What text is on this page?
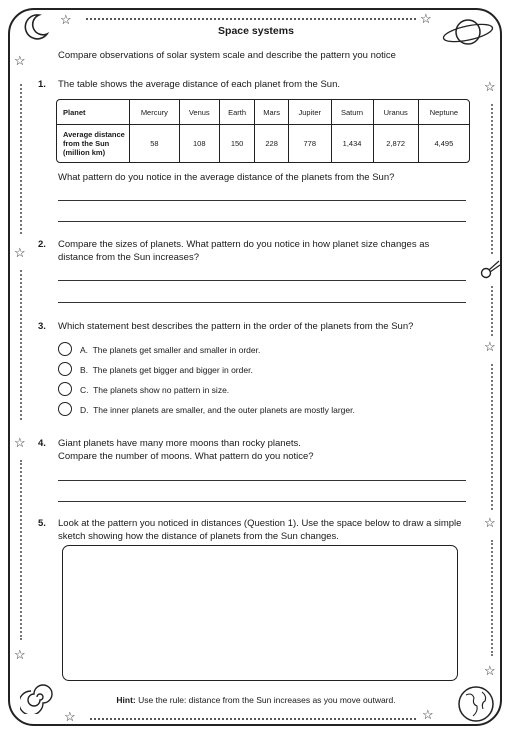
☆	☆
☆
☆
☆
☆
☆
☆
☆
☆
☆	☆
Space systems
Compare observations of solar system scale and describe the pattern you notice
1. The table shows the average distance of each planet from the Sun.
Planet	Mercury	Venus	Earth	Mars	Jupiter	Saturn	Uranus	Neptune

Average distance
from the Sun
(million km)	58	108	150	228	778	1,434	2,872	4,495
What pattern do you notice in the average distance of the planets from the Sun?
2. Compare the sizes of planets. What pattern do you notice in how planet size changes as
distance from the Sun increases?
3. Which statement best describes the pattern in the order of the planets from the Sun?
A. The planets get smaller and smaller in order.
B. The planets get bigger and bigger in order.
C. The planets show no pattern in size.
D. The inner planets are smaller, and the outer planets are mostly larger.
4. Giant planets have many more moons than rocky planets.
Compare the number of moons. What pattern do you notice?
5. Look at the pattern you noticed in distances (Question 1). Use the space below to draw a simple
sketch showing how the distance of planets from the Sun changes.
Hint: Use the rule: distance from the Sun increases as you move outward.
